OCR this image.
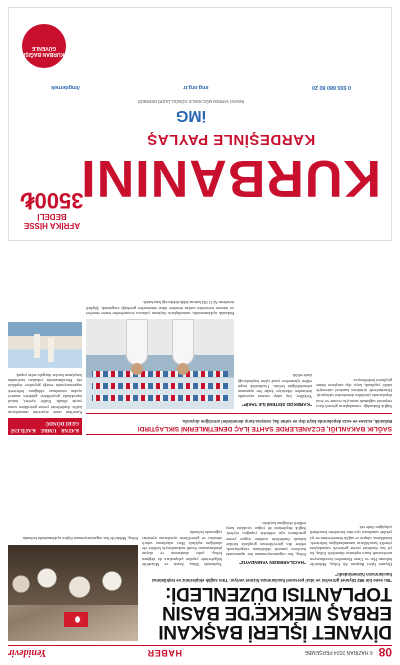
08
6 HAZİRAN 2024 PERŞEMBE
HABER
Yenidevir
DİYANET İŞLERİ BAŞKANI ERBAŞ MEKKE'DE BASIN TOPLANTISI DÜZENLEDİ:
"Bu sene bin 982 Diyanet görevlisi ve idari personel hacılarımıza hizmet veriyor. Tüm sağlık ekiplerimiz ve teşkilatımız hacılarımızın hizmetindedir"

Diyanet İşleri Başkanı Ali Erbaş, Mekke'de bulunan Hac ve Umre Hizmetleri koordinasyon merkezinde basın toplantısı düzenledi. Erbaş, bu yıl hac ibadetini yerine getirecek vatandaşlara yönelik hazırlıkların tamamlandığını belirterek, konaklama, ulaşım ve sağlık hizmetlerinin en iyi şekilde sunulması için tüm birimlerin koordineli çalıştığını ifade etti.

"HACILARIMIZIN YANINDAYIZ"

Erbaş, hac organizasyonunun her aşamasında hacıların yanında olduklarını vurgulayarak, rehber din görevlilerinin gruplarla birlikte kalarak ibadetlerin usulüne uygun yerine getirilmesi için rehberlik yaptığını söyledi. Sağlık ekiplerinin de yoğun sıcaklara karşı tedbirli olduğunu kaydetti.

Toplantıda Mina, Arafat ve Müzdelife bölgelerinde yapılan çalışmalara da değinen Erbaş, çadır alanlarının ve ulaşım planlamasının Suudi makamlarıyla birlikte ele alındığını açıkladı. Hacı adaylarına sabırlı olmaları ve görevlilerin uyarılarına uymaları çağrısında bulundu.

Erbaş, Mekke'de hac organizasyonuna ilişkin açıklamalarda bulundu.
SAĞLIK BAKANLIĞI, ECZANELERDE SAHTE İLAÇ DENETİMLERİNİ SIKLAŞTIRDI
Bakanlık, eczane ve ecza depolarında kayıt dışı ve sahte ilaç satışına karşı denetimleri artırdığını duyurdu.

Sağlık Bakanlığı, vatandaşların güvenli ilaca erişimini sağlamak amacıyla eczane ve ecza depolarında yürütülen denetimleri sıklaştırdı. Denetimlerde ürünlerin karekod sistemiyle takibi yapılarak, kayıt dışı satışların önüne geçilmesi hedefleniyor.

"KAREKOD SİSTEMİ İLE TAKİP"

Yetkililer, ilaç takip sistemi sayesinde üretimden tüketiciye kadar her aşamanın izlenebildiğini belirtti. Usulsüzlük tespit edilen işletmelere yasal işlem başlatılacağı ifade edildi.

Bakanlık açıklamasında, vatandaşların ilaçlarını yalnızca eczanelerden temin etmeleri ve internet üzerinden satılan ürünlere itibar etmemeleri gerektiği vurgulandı. Şüpheli ürünlerin ALO 184 hattına bildirilebileceği hatırlatıldı.

KATAR UMRE KAFİLESİ GERİ DÖNDÜ

Katar'dan umre ziyaretini tamamlayan kafile, ibadetlerini yerine getirdikten sonra yurda döndü. Kafile üyeleri, kutsal topraklarda geçirdikleri günlerin manevi açıdan unutulmaz olduğunu belirterek organizasyonda emeği geçenlere teşekkür etti. Havalimanında yakınları tarafından karşılanan hacılar duygulu anlar yaşadı.

AFRİKA HİSSE BEDELİ
3500₺
KURBANINI
KARDEŞİNLE PAYLAŞ
iMG
İNSANİ YARDIM MÜCADELE GÖNÜLLÜLERİ DERNEĞİ
0 555 880 80 20
img.org.tr
/imgdernek
KURBAN BAĞIŞI GÜVENLE
